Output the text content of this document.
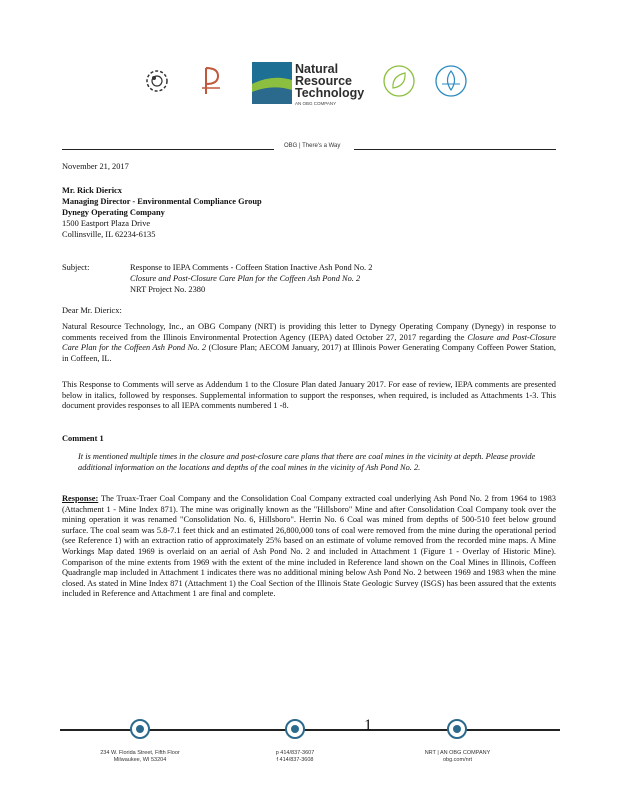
Natural
Resource
Technology
AN OBG COMPANY
OBG | There's a Way
November 21, 2017
Mr. Rick Diericx
Managing Director - Environmental Compliance Group
Dynegy Operating Company
1500 Eastport Plaza Drive
Collinsville, IL 62234-6135
Subject:	Response to IEPA Comments - Coffeen Station Inactive Ash Pond No. 2
Closure and Post-Closure Care Plan for the Coffeen Ash Pond No. 2
NRT Project No. 2380
Dear Mr. Diericx:
Natural Resource Technology, Inc., an OBG Company (NRT) is providing this letter to Dynegy Operating Company (Dynegy) in response to comments received from the Illinois Environmental Protection Agency (IEPA) dated October 27, 2017 regarding the Closure and Post-Closure Care Plan for the Coffeen Ash Pond No. 2 (Closure Plan; AECOM January, 2017) at Illinois Power Generating Company Coffeen Power Station, in Coffeen, IL.
This Response to Comments will serve as Addendum 1 to the Closure Plan dated January 2017. For ease of review, IEPA comments are presented below in italics, followed by responses. Supplemental information to support the responses, when required, is included as Attachments 1-3. This document provides responses to all IEPA comments numbered 1 -8.
Comment 1
It is mentioned multiple times in the closure and post-closure care plans that there are coal mines in the vicinity at depth. Please provide additional information on the locations and depths of the coal mines in the vicinity of Ash Pond No. 2.
Response: The Truax-Traer Coal Company and the Consolidation Coal Company extracted coal underlying Ash Pond No. 2 from 1964 to 1983 (Attachment 1 - Mine Index 871). The mine was originally known as the "Hillsboro" Mine and after Consolidation Coal Company took over the mining operation it was renamed "Consolidation No. 6, Hillsboro". Herrin No. 6 Coal was mined from depths of 500-510 feet below ground surface. The coal seam was 5.8-7.1 feet thick and an estimated 26,800,000 tons of coal were removed from the mine during the operational period (see Reference 1) with an extraction ratio of approximately 25% based on an estimate of volume removed from the recorded mine maps. A Mine Workings Map dated 1969 is overlaid on an aerial of Ash Pond No. 2 and included in Attachment 1 (Figure 1 - Overlay of Historic Mine). Comparison of the mine extents from 1969 with the extent of the mine included in Reference land shown on the Coal Mines in Illinois, Coffeen Quadrangle map included in Attachment 1 indicates there was no additional mining below Ash Pond No. 2 between 1969 and 1983 when the mine closed. As stated in Mine Index 871 (Attachment 1) the Coal Section of the Illinois State Geologic Survey (ISGS) has been assured that the extents included in Reference and Attachment 1 are final and complete.
1
234 W. Florida Street, Fifth Floor
Milwaukee, WI 53204
p 414/837-3607
f 414/837-3608
NRT | AN OBG COMPANY
obg.com/nrt
